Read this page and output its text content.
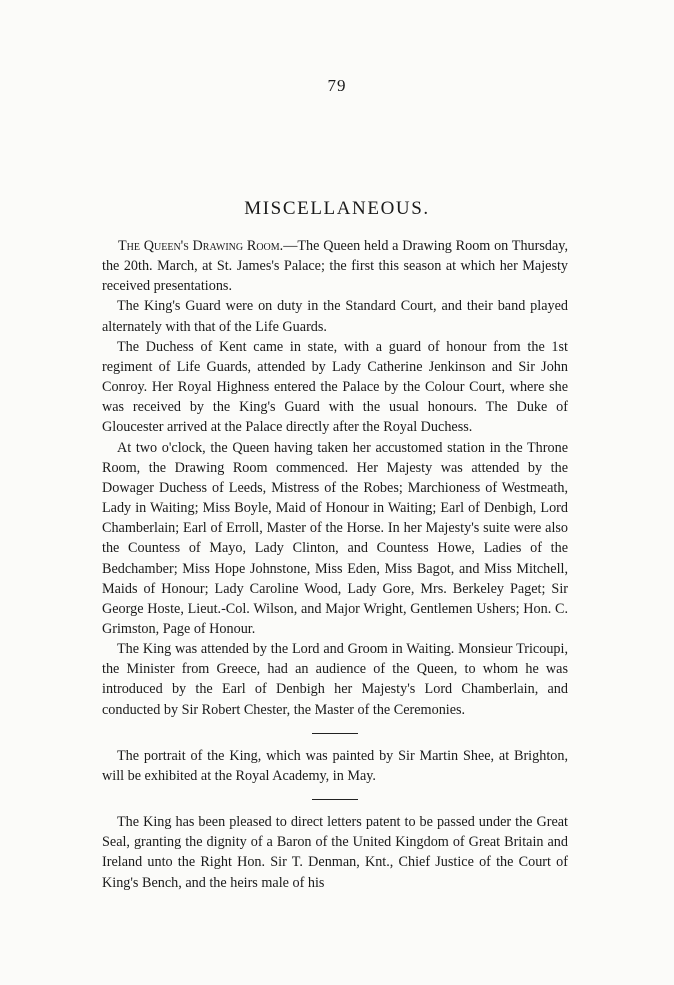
79
MISCELLANEOUS.

The Queen's Drawing Room.—The Queen held a Drawing Room on Thursday, the 20th. March, at St. James's Palace; the first this season at which her Majesty received presentations.

The King's Guard were on duty in the Standard Court, and their band played alternately with that of the Life Guards.

The Duchess of Kent came in state, with a guard of honour from the 1st regiment of Life Guards, attended by Lady Catherine Jenkinson and Sir John Conroy. Her Royal Highness entered the Palace by the Colour Court, where she was received by the King's Guard with the usual honours. The Duke of Gloucester arrived at the Palace directly after the Royal Duchess.

At two o'clock, the Queen having taken her accustomed station in the Throne Room, the Drawing Room commenced. Her Majesty was attended by the Dowager Duchess of Leeds, Mistress of the Robes; Marchioness of Westmeath, Lady in Waiting; Miss Boyle, Maid of Honour in Waiting; Earl of Denbigh, Lord Chamberlain; Earl of Erroll, Master of the Horse. In her Majesty's suite were also the Countess of Mayo, Lady Clinton, and Countess Howe, Ladies of the Bedchamber; Miss Hope Johnstone, Miss Eden, Miss Bagot, and Miss Mitchell, Maids of Honour; Lady Caroline Wood, Lady Gore, Mrs. Berkeley Paget; Sir George Hoste, Lieut.-Col. Wilson, and Major Wright, Gentlemen Ushers; Hon. C. Grimston, Page of Honour.

The King was attended by the Lord and Groom in Waiting. Monsieur Tricoupi, the Minister from Greece, had an audience of the Queen, to whom he was introduced by the Earl of Denbigh her Majesty's Lord Chamberlain, and conducted by Sir Robert Chester, the Master of the Ceremonies.

The portrait of the King, which was painted by Sir Martin Shee, at Brighton, will be exhibited at the Royal Academy, in May.

The King has been pleased to direct letters patent to be passed under the Great Seal, granting the dignity of a Baron of the United Kingdom of Great Britain and Ireland unto the Right Hon. Sir T. Denman, Knt., Chief Justice of the Court of King's Bench, and the heirs male of his
